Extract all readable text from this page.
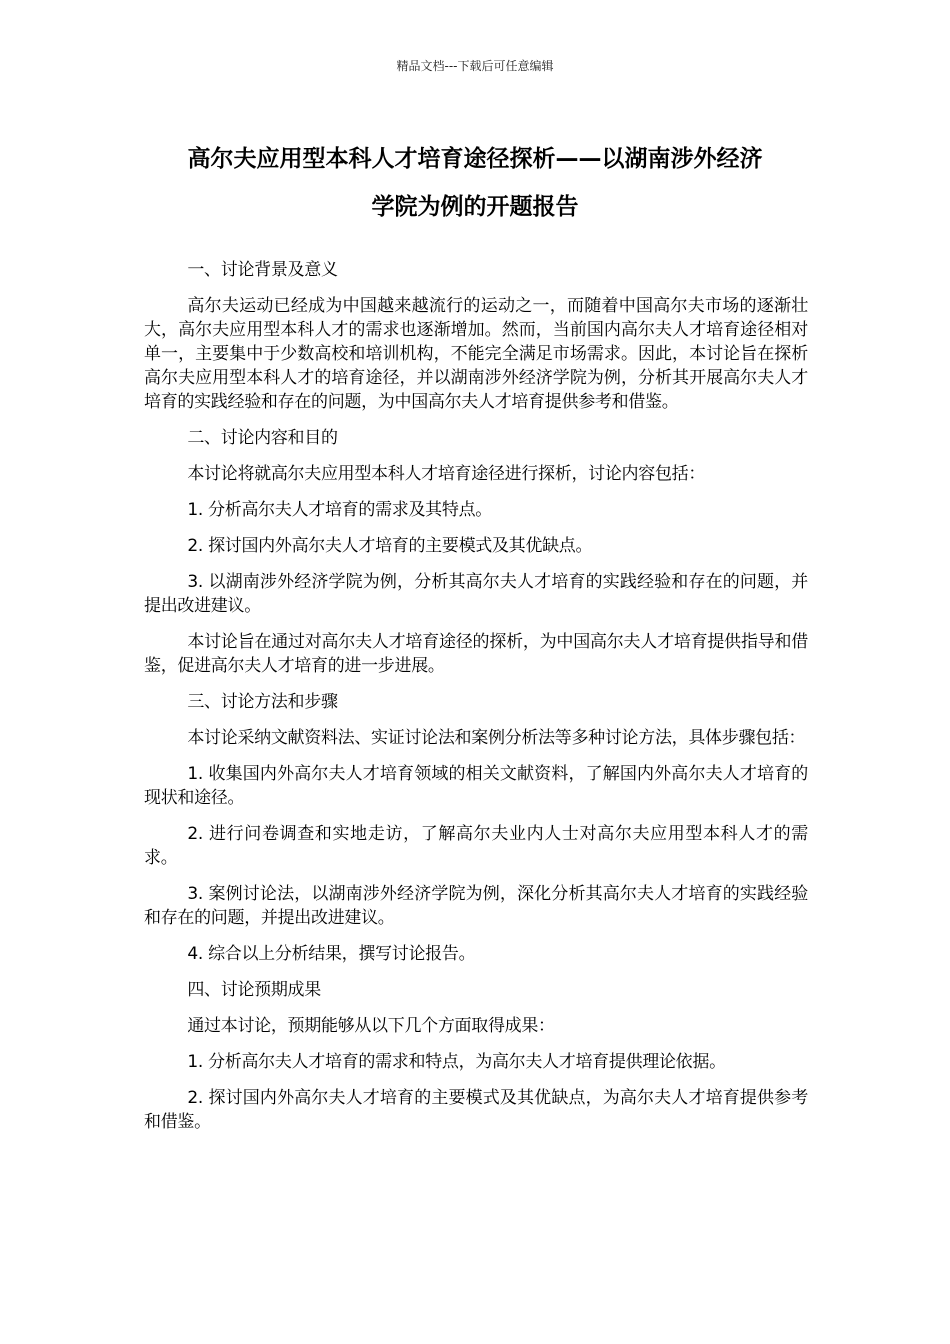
精品文档---下载后可任意编辑
高尔夫应用型本科人才培育途径探析——以湖南涉外经济
学院为例的开题报告

一、讨论背景及意义

高尔夫运动已经成为中国越来越流行的运动之一，而随着中国高尔夫市场的逐渐壮大，高尔夫应用型本科人才的需求也逐渐增加。然而，当前国内高尔夫人才培育途径相对单一，主要集中于少数高校和培训机构，不能完全满足市场需求。因此，本讨论旨在探析高尔夫应用型本科人才的培育途径，并以湖南涉外经济学院为例，分析其开展高尔夫人才培育的实践经验和存在的问题，为中国高尔夫人才培育提供参考和借鉴。

二、讨论内容和目的

本讨论将就高尔夫应用型本科人才培育途径进行探析，讨论内容包括：

1. 分析高尔夫人才培育的需求及其特点。

2. 探讨国内外高尔夫人才培育的主要模式及其优缺点。

3. 以湖南涉外经济学院为例，分析其高尔夫人才培育的实践经验和存在的问题，并提出改进建议。

本讨论旨在通过对高尔夫人才培育途径的探析，为中国高尔夫人才培育提供指导和借鉴，促进高尔夫人才培育的进一步进展。

三、讨论方法和步骤

本讨论采纳文献资料法、实证讨论法和案例分析法等多种讨论方法，具体步骤包括：

1. 收集国内外高尔夫人才培育领域的相关文献资料，了解国内外高尔夫人才培育的现状和途径。

2. 进行问卷调查和实地走访，了解高尔夫业内人士对高尔夫应用型本科人才的需求。

3. 案例讨论法，以湖南涉外经济学院为例，深化分析其高尔夫人才培育的实践经验和存在的问题，并提出改进建议。

4. 综合以上分析结果，撰写讨论报告。

四、讨论预期成果

通过本讨论，预期能够从以下几个方面取得成果：

1. 分析高尔夫人才培育的需求和特点，为高尔夫人才培育提供理论依据。

2. 探讨国内外高尔夫人才培育的主要模式及其优缺点，为高尔夫人才培育提供参考和借鉴。
